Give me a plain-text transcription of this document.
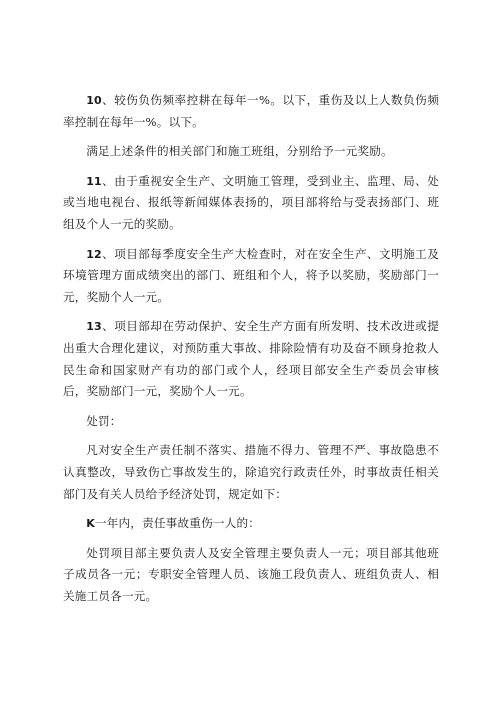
10、较伤负伤频率控耕在每年一%。以下，重伤及以上人数负伤频率控制在每年一%。以下。

满足上述条件的相关部门和施工班组，分别给予一元奖励。

11、由于重视安全生产、文明施工管理，受到业主、监理、局、处或当地电视台、报纸等新闻媒体表扬的，项目部将给与受表扬部门、班组及个人一元的奖励。

12、项目部每季度安全生产大检查时，对在安全生产、文明施工及环境管理方面成绩突出的部门、班组和个人，将予以奖励，奖励部门一元，奖励个人一元。

13、项目部却在劳动保护、安全生产方面有所发明、技术改进或提出重大合理化建议，对预防重大事故、排除险情有功及奋不顾身抢救人民生命和国家财产有功的部门或个人，经项目部安全生产委员会审核后，奖励部门一元，奖励个人一元。

处罚：

凡对安全生产责任制不落实、措施不得力、管理不严、事故隐患不认真整改，导致伤亡事故发生的，除追究行政责任外，时事故责任相关部门及有关人员给予经济处罚，规定如下：

K一年内，责任事故重伤一人的：

处罚项目部主要负责人及安全管理主要负责人一元；项目部其他班子成员各一元；专职安全管理人员、该施工段负责人、班组负责人、相关施工员各一元。
